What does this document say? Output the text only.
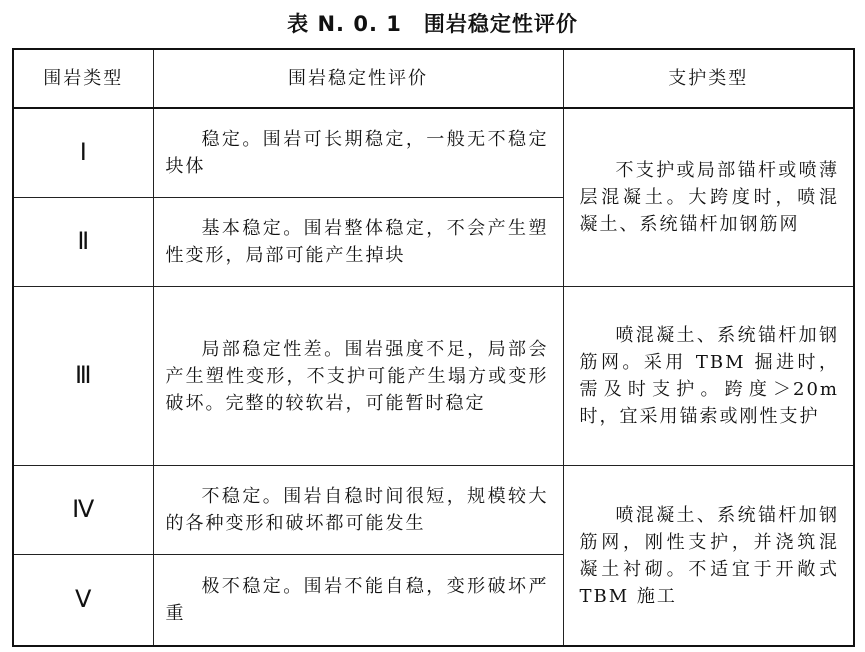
表 N. 0. 1　围岩稳定性评价
围岩类型	围岩稳定性评价	支护类型
Ⅰ	稳定。围岩可长期稳定，一般无不稳定块体	不支护或局部锚杆或喷薄层混凝土。大跨度时，喷混凝土、系统锚杆加钢筋网

Ⅱ	基本稳定。围岩整体稳定，不会产生塑性变形，局部可能产生掉块	

Ⅲ	局部稳定性差。围岩强度不足，局部会产生塑性变形，不支护可能产生塌方或变形破坏。完整的较软岩，可能暂时稳定	喷混凝土、系统锚杆加钢筋网。采用 TBM 掘进时，需及时支护。跨度＞20m时，宜采用锚索或刚性支护

Ⅳ	不稳定。围岩自稳时间很短，规模较大的各种变形和破坏都可能发生	喷混凝土、系统锚杆加钢筋网，刚性支护，并浇筑混凝土衬砌。不适宜于开敞式 TBM 施工

Ⅴ	极不稳定。围岩不能自稳，变形破坏严重	
